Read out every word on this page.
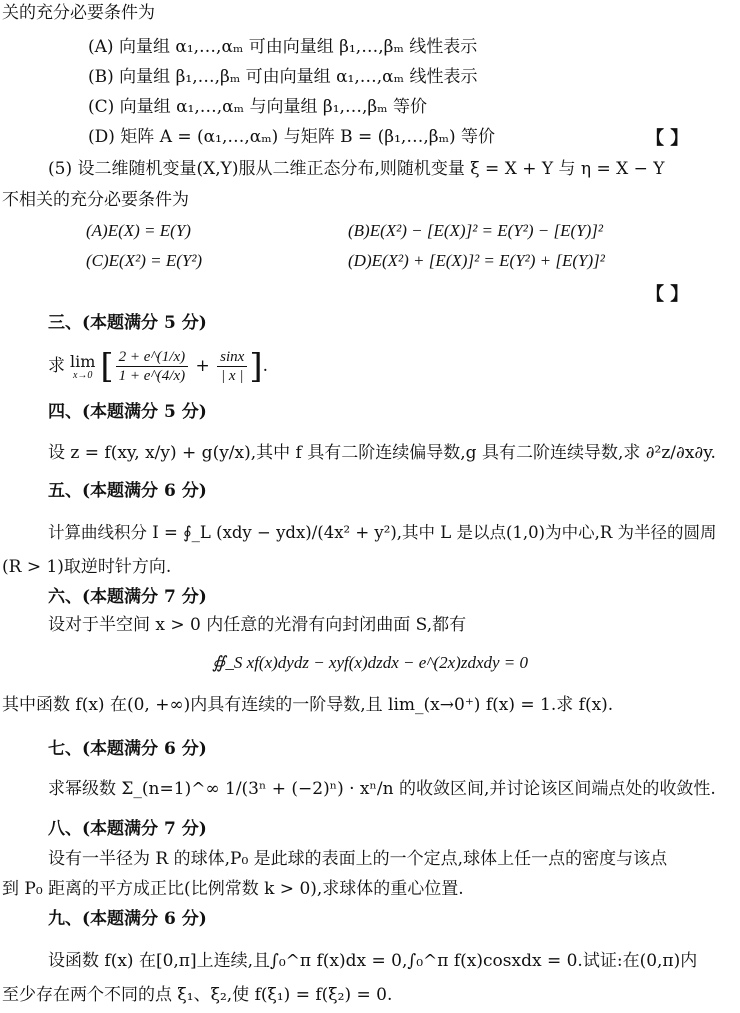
关的充分必要条件为
(A) 向量组 α₁,…,αₘ 可由向量组 β₁,…,βₘ 线性表示
(B) 向量组 β₁,…,βₘ 可由向量组 α₁,…,αₘ 线性表示
(C) 向量组 α₁,…,αₘ 与向量组 β₁,…,βₘ 等价
(D) 矩阵 A = (α₁,…,αₘ) 与矩阵 B = (β₁,…,βₘ) 等价	【 】
(5) 设二维随机变量(X,Y)服从二维正态分布,则随机变量 ξ = X + Y 与 η = X − Y
不相关的充分必要条件为
(A)E(X) = E(Y)	(B)E(X²) − [E(X)]² = E(Y²) − [E(Y)]²
(C)E(X²) = E(Y²)	(D)E(X²) + [E(X)]² = E(Y²) + [E(Y)]²
【 】
三、(本题满分 5 分)
求 lim
x→0 [ $\frac{2 + e\^{}(1/x)}{1 + e\^{}(4/x)} + \frac{\sin x}{| x |}$ ].
四、(本题满分 5 分)
设 z = f(xy, x/y) + g(y/x),其中 f 具有二阶连续偏导数,g 具有二阶连续导数,求 ∂²z/∂x∂y.
五、(本题满分 6 分)
计算曲线积分 I = ∮_L (xdy − ydx)/(4x² + y²),其中 L 是以点(1,0)为中心,R 为半径的圆周
(R > 1)取逆时针方向.
六、(本题满分 7 分)
设对于半空间 x > 0 内任意的光滑有向封闭曲面 S,都有
∯_S xf(x)dydz − xyf(x)dzdx − e^(2x)zdxdy = 0
其中函数 f(x) 在(0, +∞)内具有连续的一阶导数,且 lim_(x→0⁺) f(x) = 1.求 f(x).
七、(本题满分 6 分)
求幂级数 Σ_(n=1)^∞ 1/(3ⁿ + (−2)ⁿ) · xⁿ/n 的收敛区间,并讨论该区间端点处的收敛性.
八、(本题满分 7 分)
设有一半径为 R 的球体,P₀ 是此球的表面上的一个定点,球体上任一点的密度与该点
到 P₀ 距离的平方成正比(比例常数 k > 0),求球体的重心位置.
九、(本题满分 6 分)
设函数 f(x) 在[0,π]上连续,且∫₀^π f(x)dx = 0,∫₀^π f(x)cosxdx = 0.试证:在(0,π)内
至少存在两个不同的点 ξ₁、ξ₂,使 f(ξ₁) = f(ξ₂) = 0.
